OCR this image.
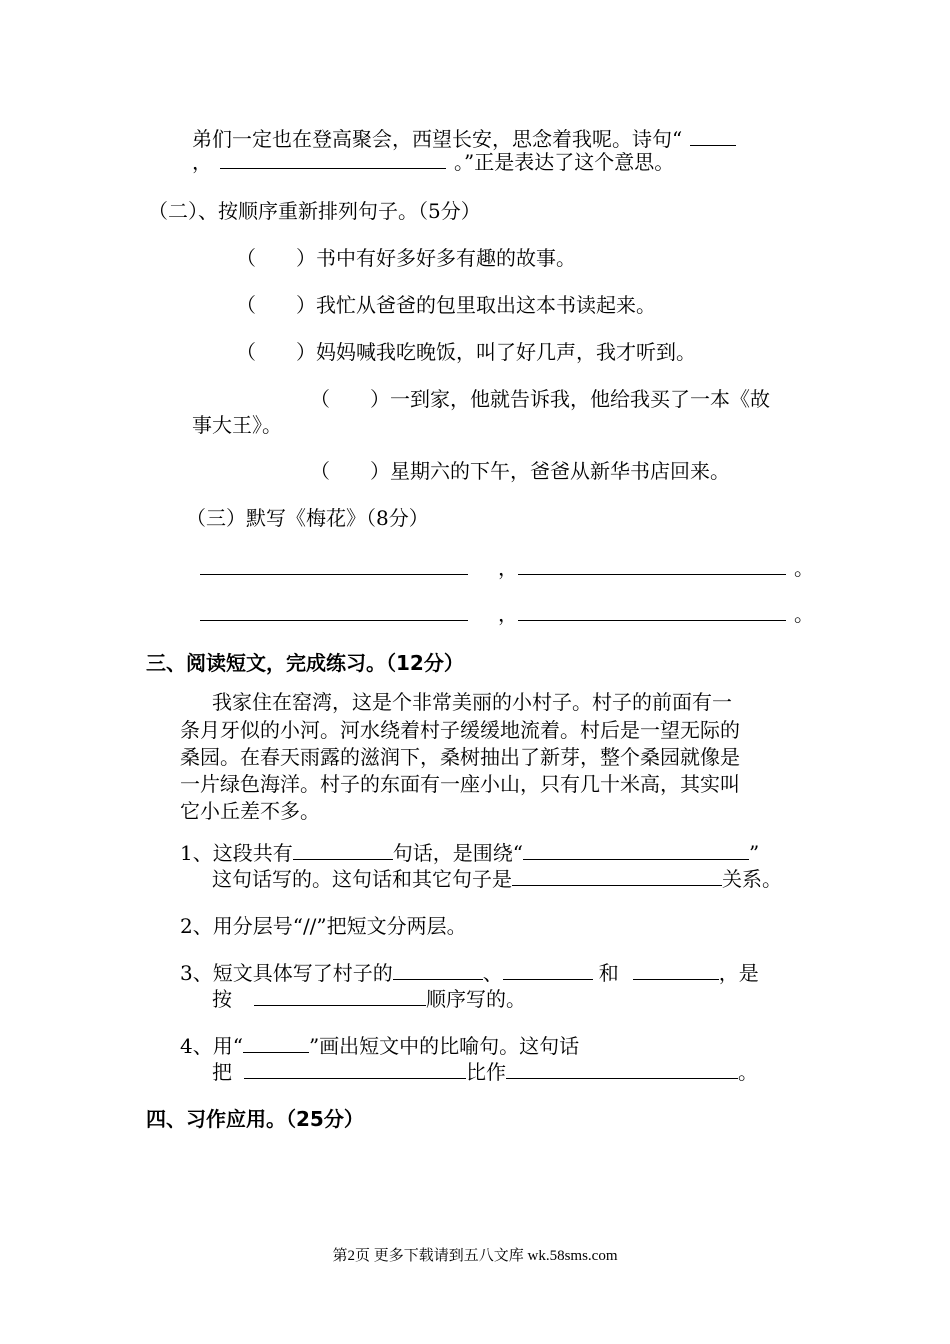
弟们一定也在登高聚会，西望长安，思念着我呢。诗句“
，	。”正是表达了这个意思。
（二）、按顺序重新排列句子。（5分）
（　　）书中有好多好多有趣的故事。
（　　）我忙从爸爸的包里取出这本书读起来。
（　　）妈妈喊我吃晚饭，叫了好几声，我才听到。
（　　）一到家，他就告诉我，他给我买了一本《故
事大王》。
（　　）星期六的下午，爸爸从新华书店回来。
（三）默写《梅花》（8分）
，	。
，	。
三、阅读短文，完成练习。（12分）
我家住在窑湾，这是个非常美丽的小村子。村子的前面有一
条月牙似的小河。河水绕着村子缓缓地流着。村后是一望无际的
桑园。在春天雨露的滋润下，桑树抽出了新芽，整个桑园就像是
一片绿色海洋。村子的东面有一座小山，只有几十米高，其实叫
它小丘差不多。
1、这段共有	句话，是围绕“	”
这句话写的。这句话和其它句子是	关系。
2、用分层号“//”把短文分两层。
3、短文具体写了村子的	、	和	，是
按	顺序写的。
4、用“	”画出短文中的比喻句。这句话
把	比作	。
四、习作应用。（25分）
第2页 更多下载请到五八文库 wk.58sms.com
